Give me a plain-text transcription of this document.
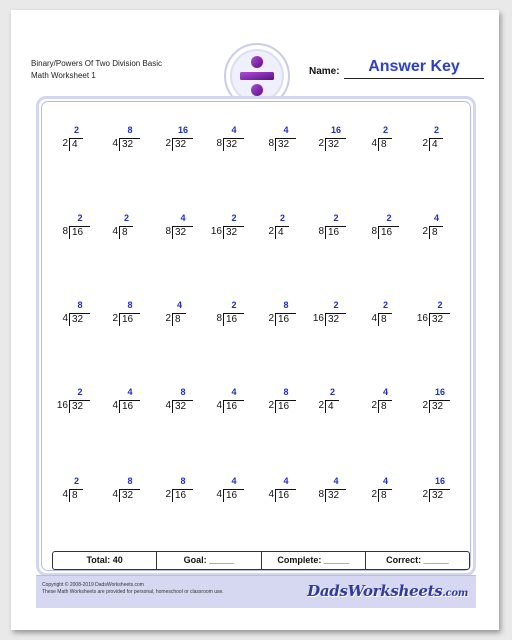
Binary/Powers Of Two Division Basic
Math Worksheet 1	Name:	Answer Key
2
2 4
8
4 32
16
2 32
4
8 32
4
8 32
16
2 32
2
4 8
2
2 4
2
8 16
2
4 8
4
8 32
2
16 32
2
2 4
2
8 16
2
8 16
4
2 8
8
4 32
8
2 16
4
2 8
2
8 16
8
2 16
2
16 32
2
4 8
2
16 32
2
16 32
4
4 16
8
4 32
4
4 16
8
2 16
2
2 4
4
2 8
16
2 32
2
4 8
8
4 32
8
2 16
4
4 16
4
4 16
4
8 32
4
2 8
16
2 32
Total: 40	Goal: _____	Complete: _____	Correct: _____
Copyright © 2008-2019 DadsWorksheets.com
These Math Worksheets are provided for personal, homeschool or classroom use.	DadsWorksheets.com
